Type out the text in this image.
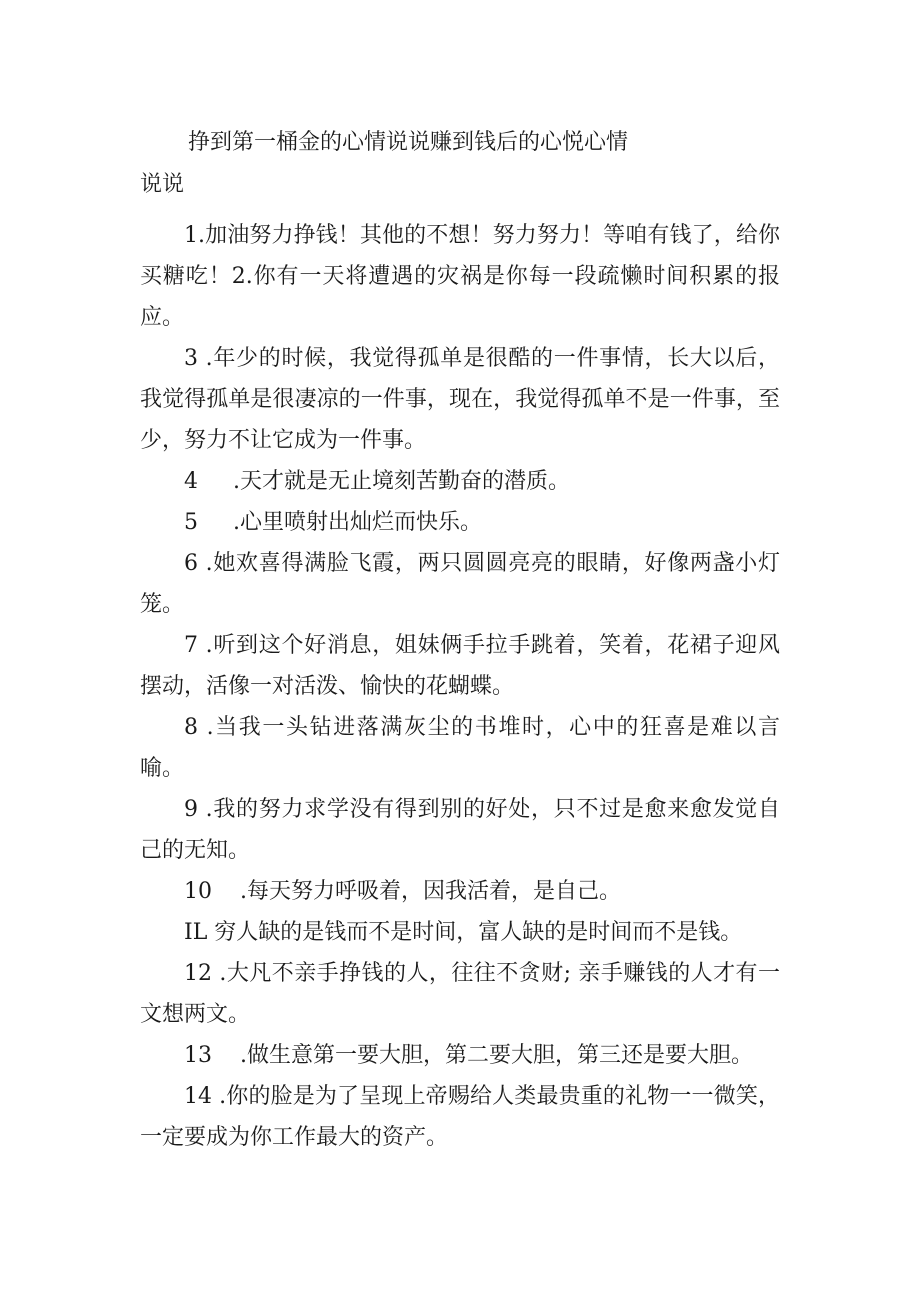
挣到第一桶金的心情说说赚到钱后的心悦心情
说说

1.加油努力挣钱！其他的不想！努力努力！等咱有钱了，给你买糖吃！2.你有一天将遭遇的灾祸是你每一段疏懒时间积累的报应。

3 .年少的时候，我觉得孤单是很酷的一件事情，长大以后，我觉得孤单是很凄凉的一件事，现在，我觉得孤单不是一件事，至少，努力不让它成为一件事。

4     .天才就是无止境刻苦勤奋的潜质。

5     .心里喷射出灿烂而快乐。

6 .她欢喜得满脸飞霞，两只圆圆亮亮的眼睛，好像两盏小灯笼。

7 .听到这个好消息，姐妹俩手拉手跳着，笑着，花裙子迎风摆动，活像一对活泼、愉快的花蝴蝶。

8 .当我一头钻进落满灰尘的书堆时，心中的狂喜是难以言喻。

9 .我的努力求学没有得到别的好处，只不过是愈来愈发觉自己的无知。

10    .每天努力呼吸着，因我活着，是自己。

IL 穷人缺的是钱而不是时间，富人缺的是时间而不是钱。

12 .大凡不亲手挣钱的人，往往不贪财; 亲手赚钱的人才有一文想两文。

13    .做生意第一要大胆，第二要大胆，第三还是要大胆。

14 .你的脸是为了呈现上帝赐给人类最贵重的礼物一一微笑，一定要成为你工作最大的资产。
